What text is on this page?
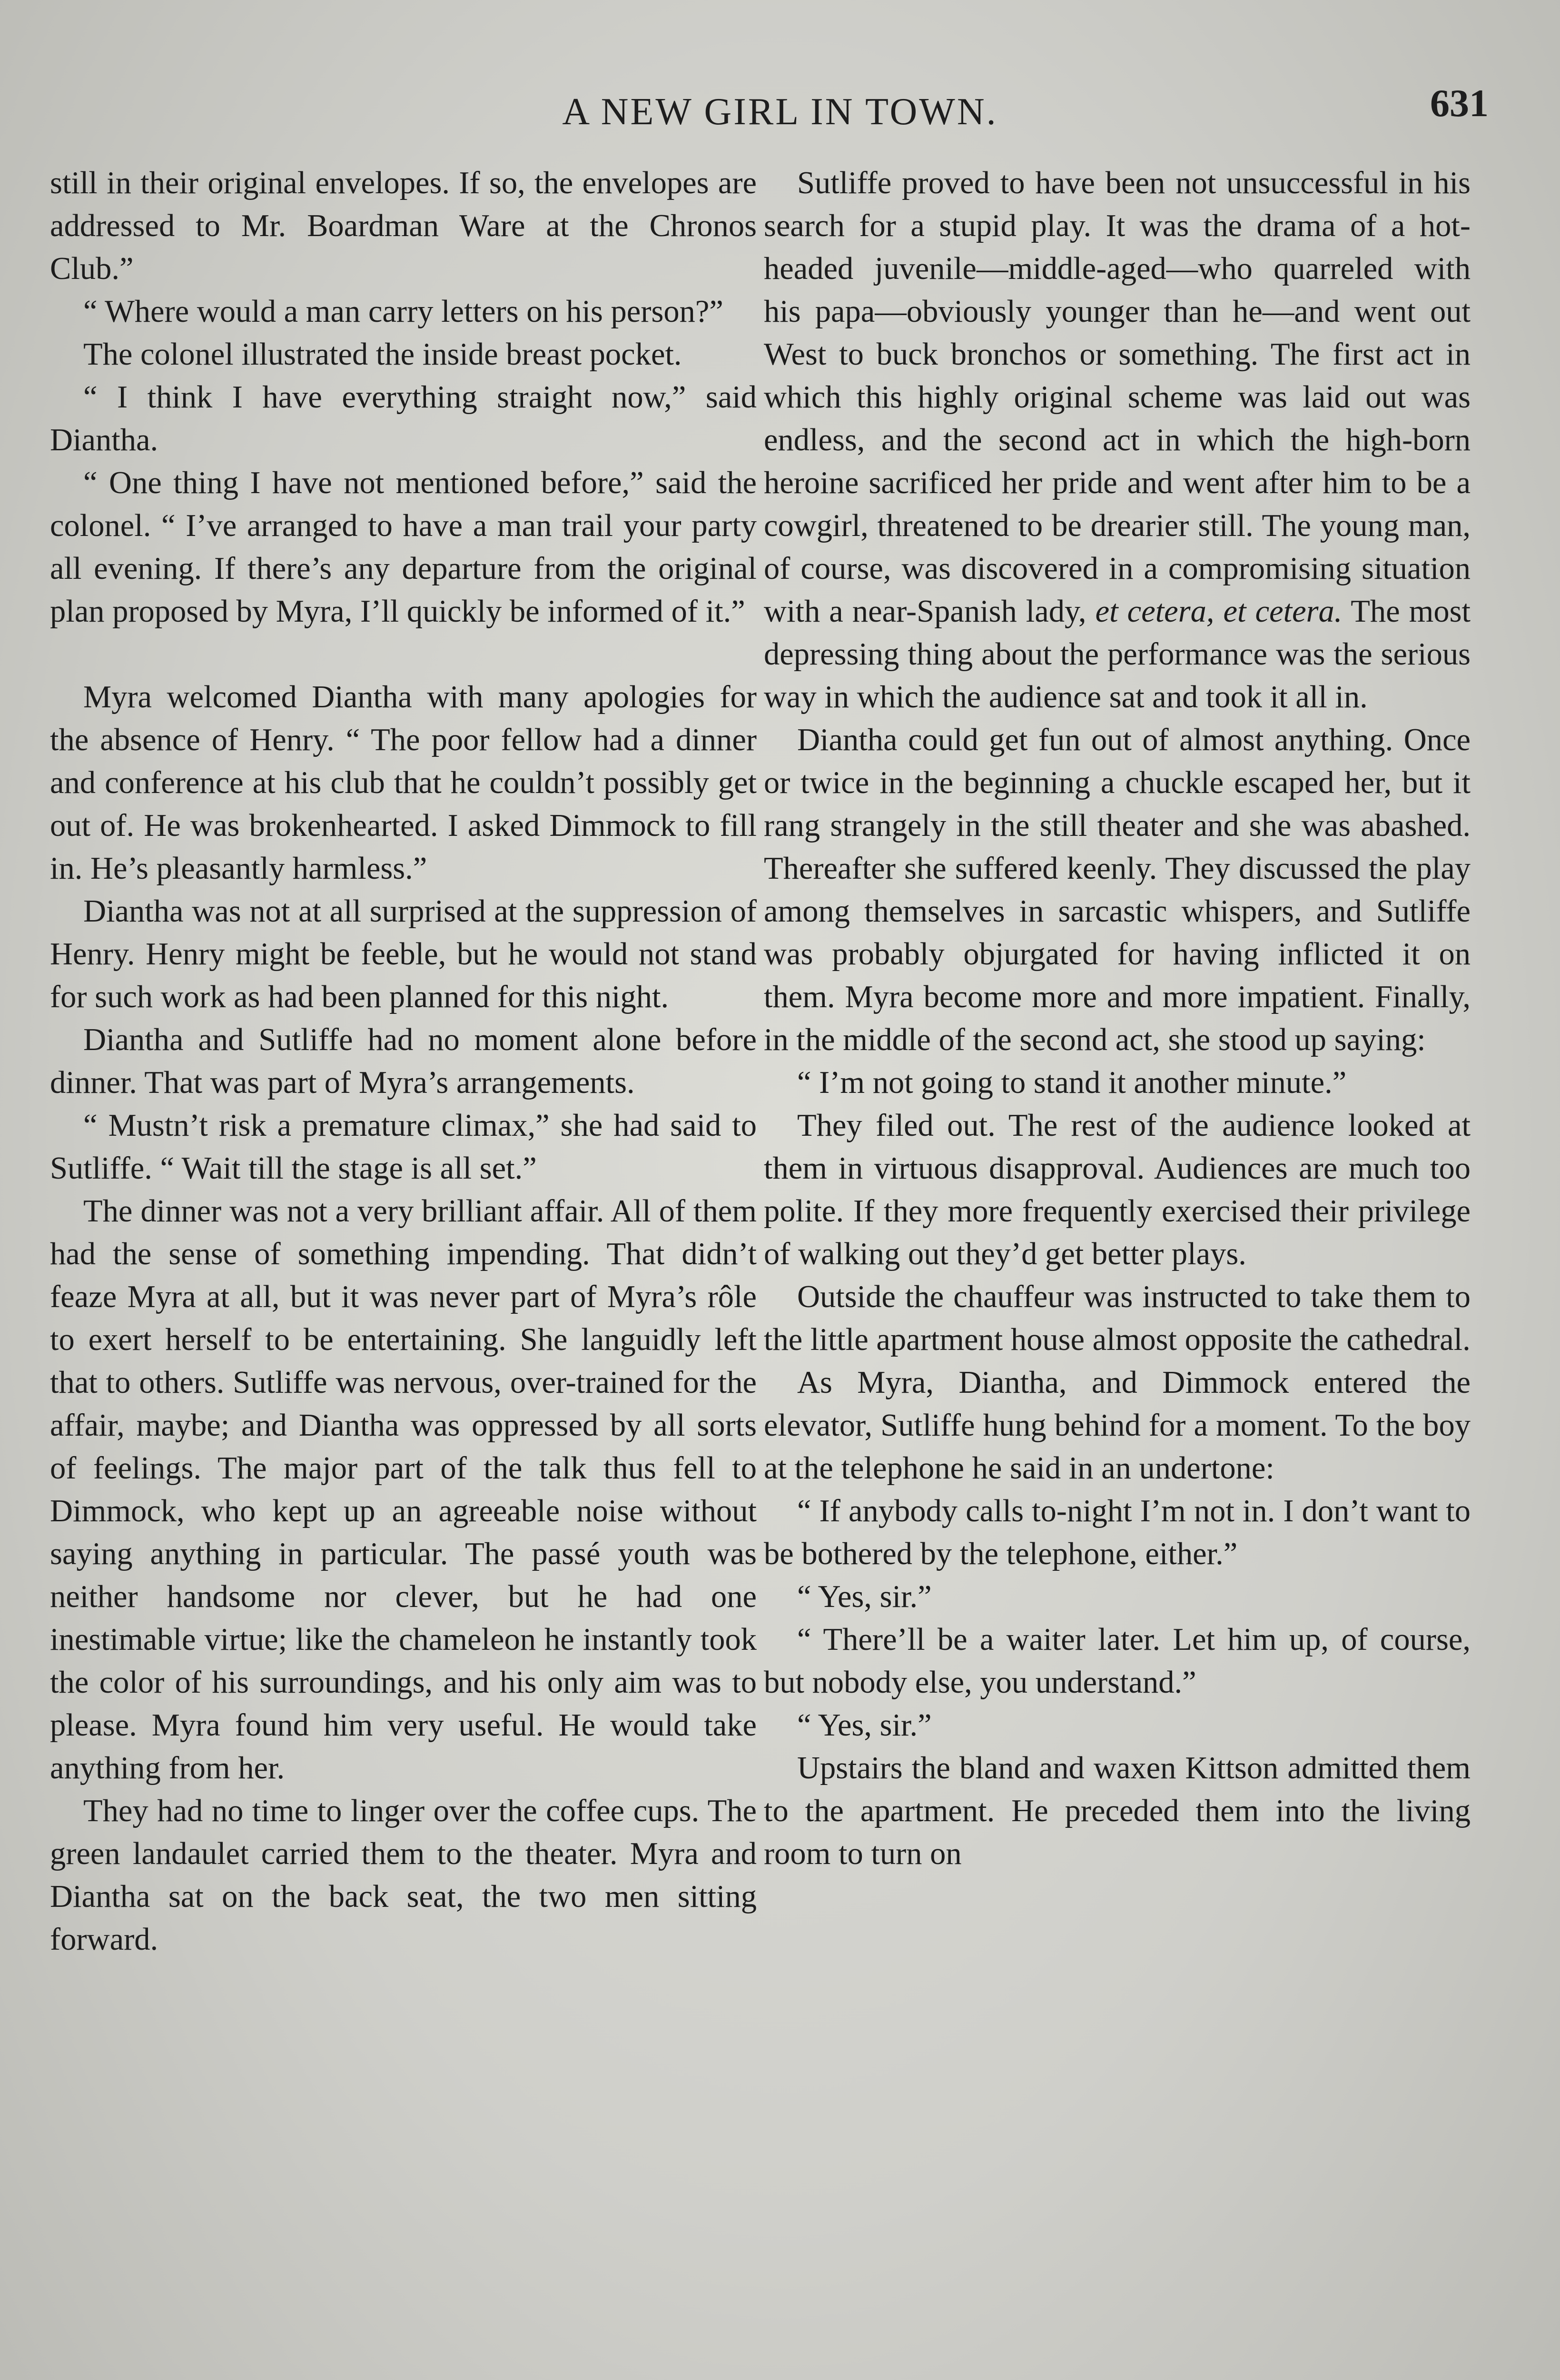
A NEW GIRL IN TOWN.	631

still in their original envelopes. If so, the envelopes are addressed to Mr. Boardman Ware at the Chronos Club.”

“ Where would a man carry letters on his person?”

The colonel illustrated the inside breast pocket.

“ I think I have everything straight now,” said Diantha.

“ One thing I have not mentioned before,” said the colonel. “ I’ve arranged to have a man trail your party all evening. If there’s any departure from the original plan proposed by Myra, I’ll quickly be informed of it.”

Myra welcomed Diantha with many apologies for the absence of Henry. “ The poor fellow had a dinner and conference at his club that he couldn’t possibly get out of. He was brokenhearted. I asked Dimmock to fill in. He’s pleasantly harmless.”

Diantha was not at all surprised at the suppression of Henry. Henry might be feeble, but he would not stand for such work as had been planned for this night.

Diantha and Sutliffe had no moment alone before dinner. That was part of Myra’s arrangements.

“ Mustn’t risk a premature climax,” she had said to Sutliffe. “ Wait till the stage is all set.”

The dinner was not a very brilliant affair. All of them had the sense of something impending. That didn’t feaze Myra at all, but it was never part of Myra’s rôle to exert herself to be entertaining. She languidly left that to others. Sutliffe was nervous, over-trained for the affair, maybe; and Diantha was oppressed by all sorts of feelings. The major part of the talk thus fell to Dimmock, who kept up an agreeable noise without saying anything in particular. The passé youth was neither handsome nor clever, but he had one inestimable virtue; like the chameleon he instantly took the color of his surroundings, and his only aim was to please. Myra found him very useful. He would take anything from her.

They had no time to linger over the coffee cups. The green landaulet carried them to the theater. Myra and Diantha sat on the back seat, the two men sitting forward.

Sutliffe proved to have been not unsuccessful in his search for a stupid play. It was the drama of a hot-headed juvenile—middle-aged—who quarreled with his papa—obviously younger than he—and went out West to buck bronchos or something. The first act in which this highly original scheme was laid out was endless, and the second act in which the high-born heroine sacrificed her pride and went after him to be a cowgirl, threatened to be drearier still. The young man, of course, was discovered in a compromising situation with a near-Spanish lady, et cetera, et cetera. The most depressing thing about the performance was the serious way in which the audience sat and took it all in.

Diantha could get fun out of almost anything. Once or twice in the beginning a chuckle escaped her, but it rang strangely in the still theater and she was abashed. Thereafter she suffered keenly. They discussed the play among themselves in sarcastic whispers, and Sutliffe was probably objurgated for having inflicted it on them. Myra become more and more impatient. Finally, in the middle of the second act, she stood up saying:

“ I’m not going to stand it another minute.”

They filed out. The rest of the audience looked at them in virtuous disapproval. Audiences are much too polite. If they more frequently exercised their privilege of walking out they’d get better plays.

Outside the chauffeur was instructed to take them to the little apartment house almost opposite the cathedral.

As Myra, Diantha, and Dimmock entered the elevator, Sutliffe hung behind for a moment. To the boy at the telephone he said in an undertone:

“ If anybody calls to-night I’m not in. I don’t want to be bothered by the telephone, either.”

“ Yes, sir.”

“ There’ll be a waiter later. Let him up, of course, but nobody else, you understand.”

“ Yes, sir.”

Upstairs the bland and waxen Kittson admitted them to the apartment. He preceded them into the living room to turn on
